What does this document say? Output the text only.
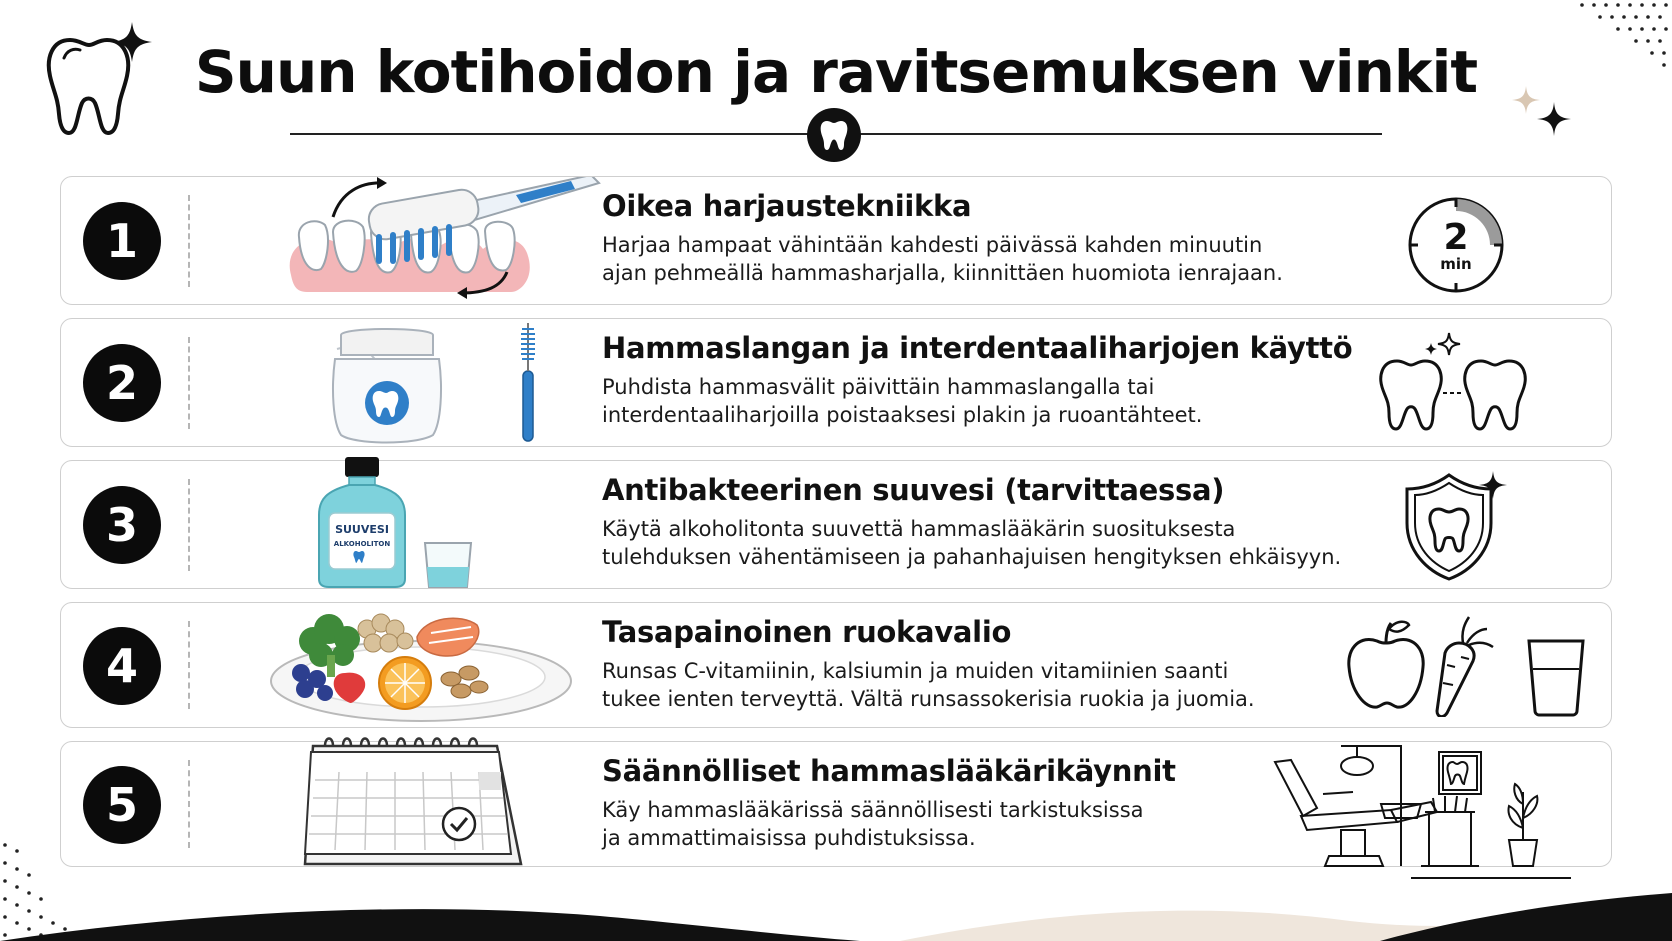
Suun kotihoidon ja ravitsemuksen vinkit
1
Oikea harjaustekniikka
Harjaa hampaat vähintään kahdesti päivässä kahden minuutin
ajan pehmeällä hammasharjalla, kiinnittäen huomiota ienrajaan.
2
min
2
Hammaslangan ja interdentaaliharjojen käyttö
Puhdista hammasvälit päivittäin hammaslangalla tai
interdentaaliharjoilla poistaaksesi plakin ja ruoantähteet.
3	SUUVESI
ALKOHOLITON
Antibakteerinen suuvesi (tarvittaessa)
Käytä alkoholitonta suuvettä hammaslääkärin suosituksesta
tulehduksen vähentämiseen ja pahanhajuisen hengityksen ehkäisyyn.
4
Tasapainoinen ruokavalio
Runsas C-vitamiinin, kalsiumin ja muiden vitamiinien saanti
tukee ienten terveyttä. Vältä runsassokerisia ruokia ja juomia.
5
Säännölliset hammaslääkärikäynnit
Käy hammaslääkärissä säännöllisesti tarkistuksissa
ja ammattimaisissa puhdistuksissa.
